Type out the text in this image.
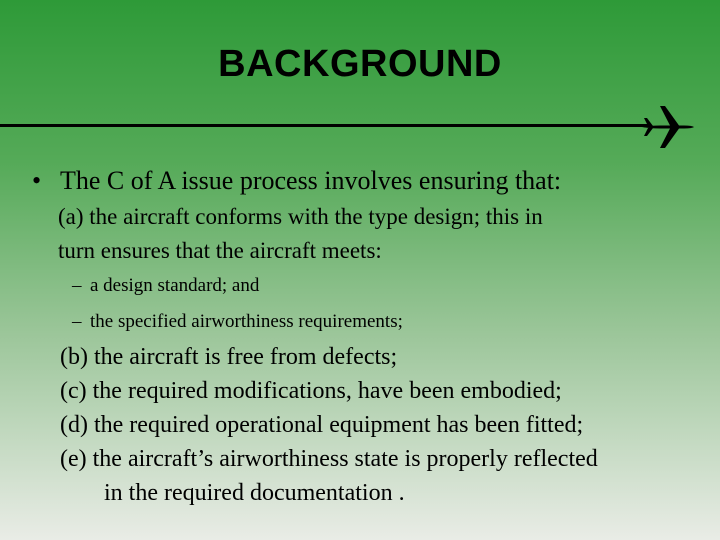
BACKGROUND
• The C of A issue process involves ensuring that:
(a) the aircraft conforms with the type design; this in
turn ensures that the aircraft meets:
– a design standard; and
– the specified airworthiness requirements;
(b) the aircraft is free from defects;
(c) the required modifications, have been embodied;
(d) the required operational equipment has been fitted;
(e) the aircraft’s airworthiness state is properly reflected
in the required documentation .
